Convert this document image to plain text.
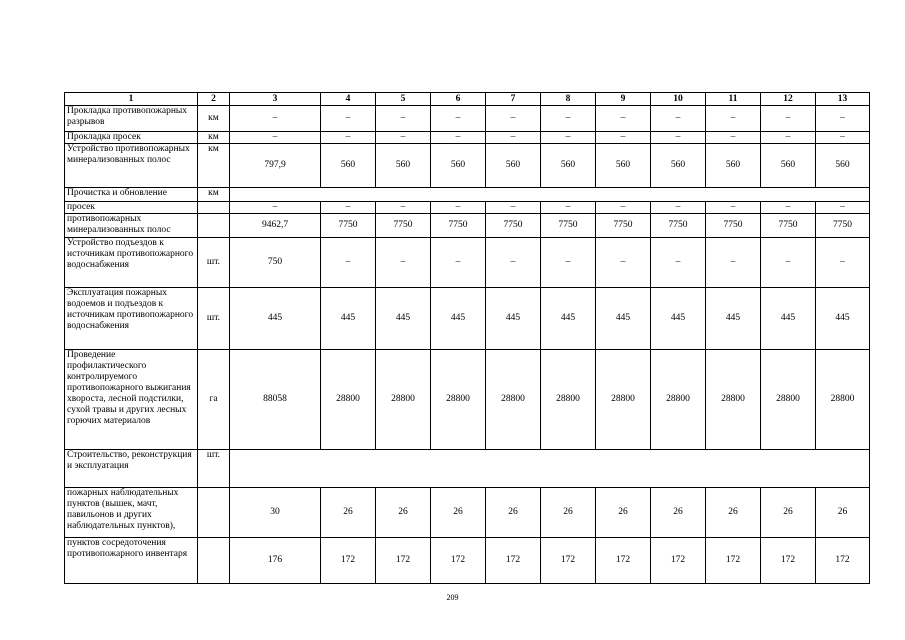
1	2	3	4	5	6	7	8	9	10	11	12	13
Прокладка противопожарных разрывов	км	–	–	–	–	–	–	–	–	–	–	–
Прокладка просек	км	–	–	–	–	–	–	–	–	–	–	–
Устройство противопожарных минерализованных полос	км	797,9	560	560	560	560	560	560	560	560	560	560
Прочистка и обновление	км											
просек		–	–	–	–	–	–	–	–	–	–	–
противопожарных минерализованных полос		9462,7	7750	7750	7750	7750	7750	7750	7750	7750	7750	7750
Устройство подъездов к источникам противопожарного водоснабжения	шт.	750	–	–	–	–	–	–	–	–	–	–
Эксплуатация пожарных водоемов и подъездов к источникам противопожарного водоснабжения	шт.	445	445	445	445	445	445	445	445	445	445	445
Проведение профилактического контролируемого противопожарного выжигания хвороста, лесной подстилки, сухой травы и других лесных горючих материалов	га	88058	28800	28800	28800	28800	28800	28800	28800	28800	28800	28800
Строительство, реконструкция и эксплуатация	шт.											
пожарных наблюдательных пунктов (вышек, мачт, павильонов и других наблюдательных пунктов),		30	26	26	26	26	26	26	26	26	26	26
пунктов сосредоточения противопожарного инвентаря		176	172	172	172	172	172	172	172	172	172	172
209
